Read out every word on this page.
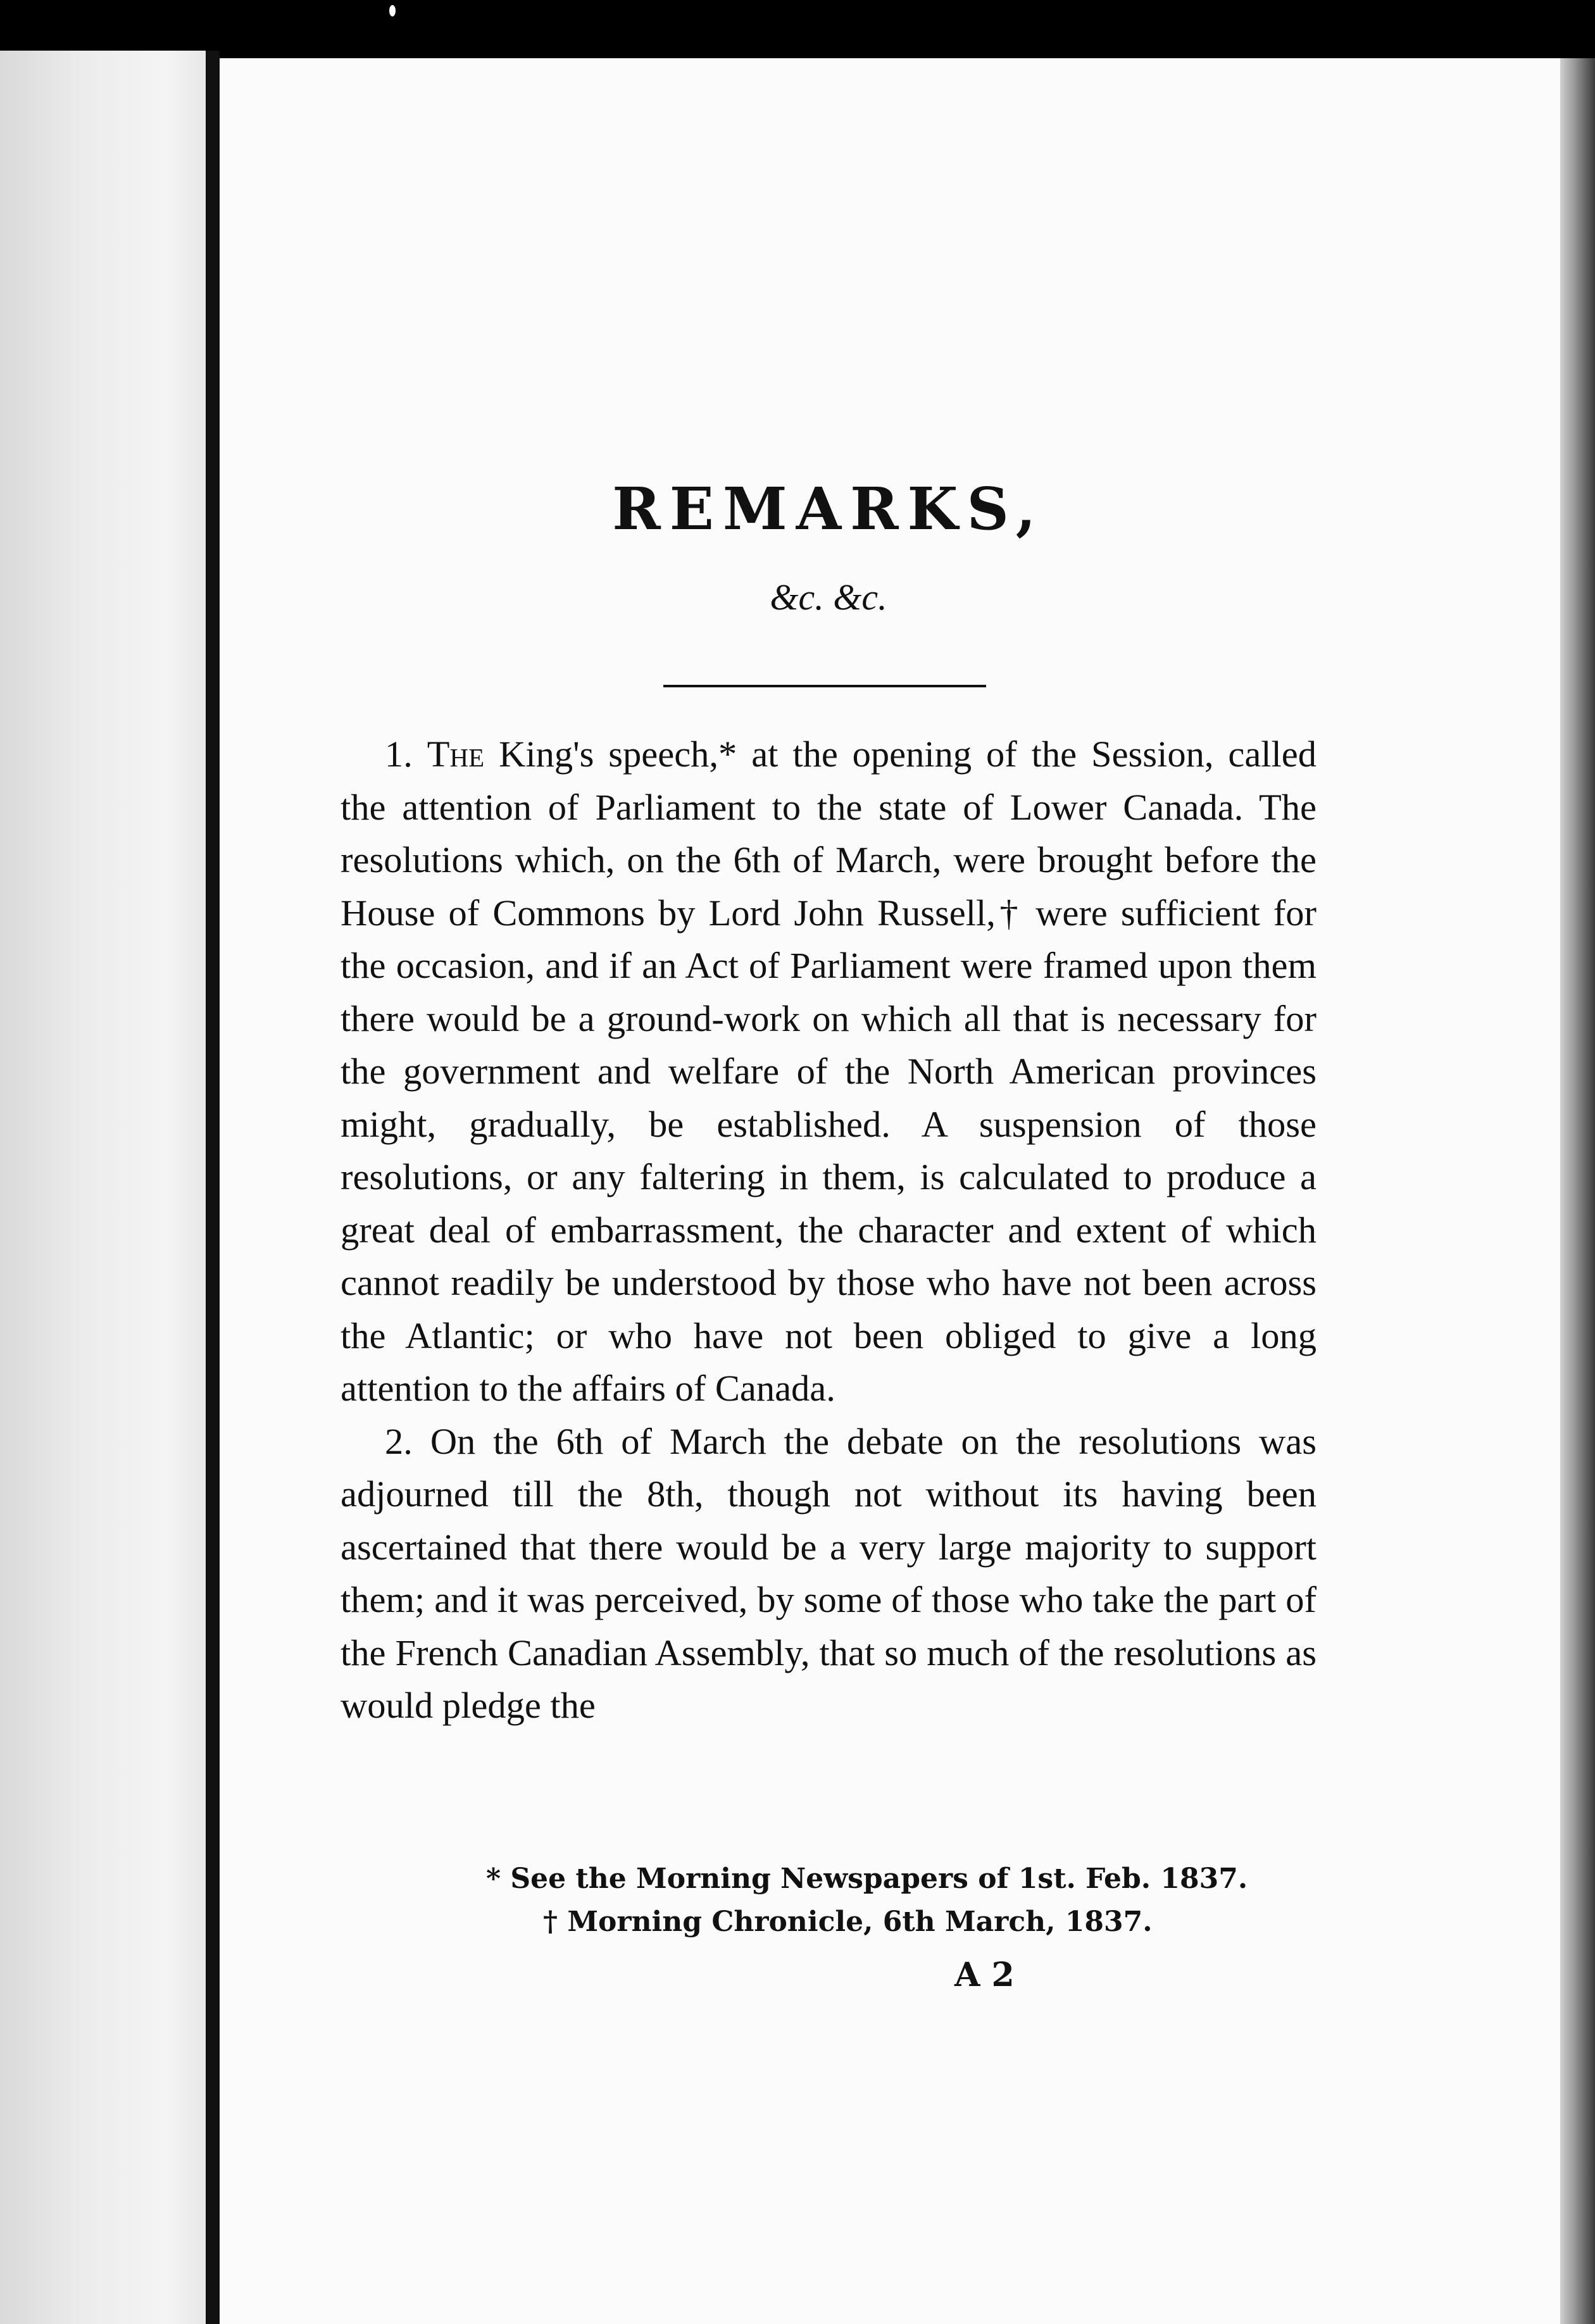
REMARKS,

&c. &c.

1. The King's speech,* at the opening of the Session, called the attention of Parliament to the state of Lower Canada. The resolutions which, on the 6th of March, were brought before the House of Commons by Lord John Russell,† were sufficient for the occasion, and if an Act of Parliament were framed upon them there would be a ground-work on which all that is necessary for the government and welfare of the North American provinces might, gradually, be established. A suspension of those resolutions, or any faltering in them, is calculated to produce a great deal of embarrassment, the character and extent of which cannot readily be understood by those who have not been across the Atlantic; or who have not been obliged to give a long attention to the affairs of Canada.

2. On the 6th of March the debate on the resolutions was adjourned till the 8th, though not without its having been ascertained that there would be a very large majority to support them; and it was perceived, by some of those who take the part of the French Canadian Assembly, that so much of the resolutions as would pledge the

* See the Morning Newspapers of 1st. Feb. 1837.

† Morning Chronicle, 6th March, 1837.

A 2
